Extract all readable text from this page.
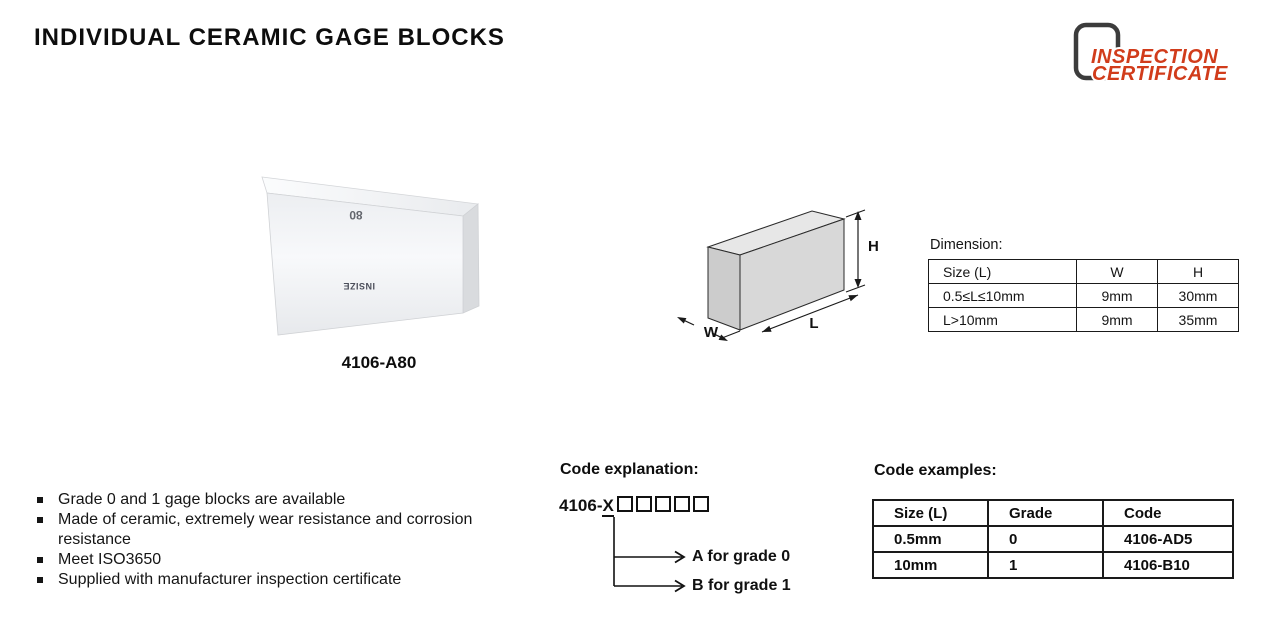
INDIVIDUAL CERAMIC GAGE BLOCKS
INSPECTION
CERTIFICATE
80
INSIZE
4106-A80
H
L
W
Dimension:
Size (L)	W	H
0.5≤L≤10mm	9mm	30mm
L>10mm	9mm	35mm
Grade 0 and 1 gage blocks are available
Made of ceramic, extremely wear resistance and corrosion resistance
Meet ISO3650
Supplied with manufacturer inspection certificate
Code explanation:
4106-X
A for grade 0
B for grade 1
Code examples:
Size (L)	Grade	Code
0.5mm	0	4106-AD5
10mm	1	4106-B10
